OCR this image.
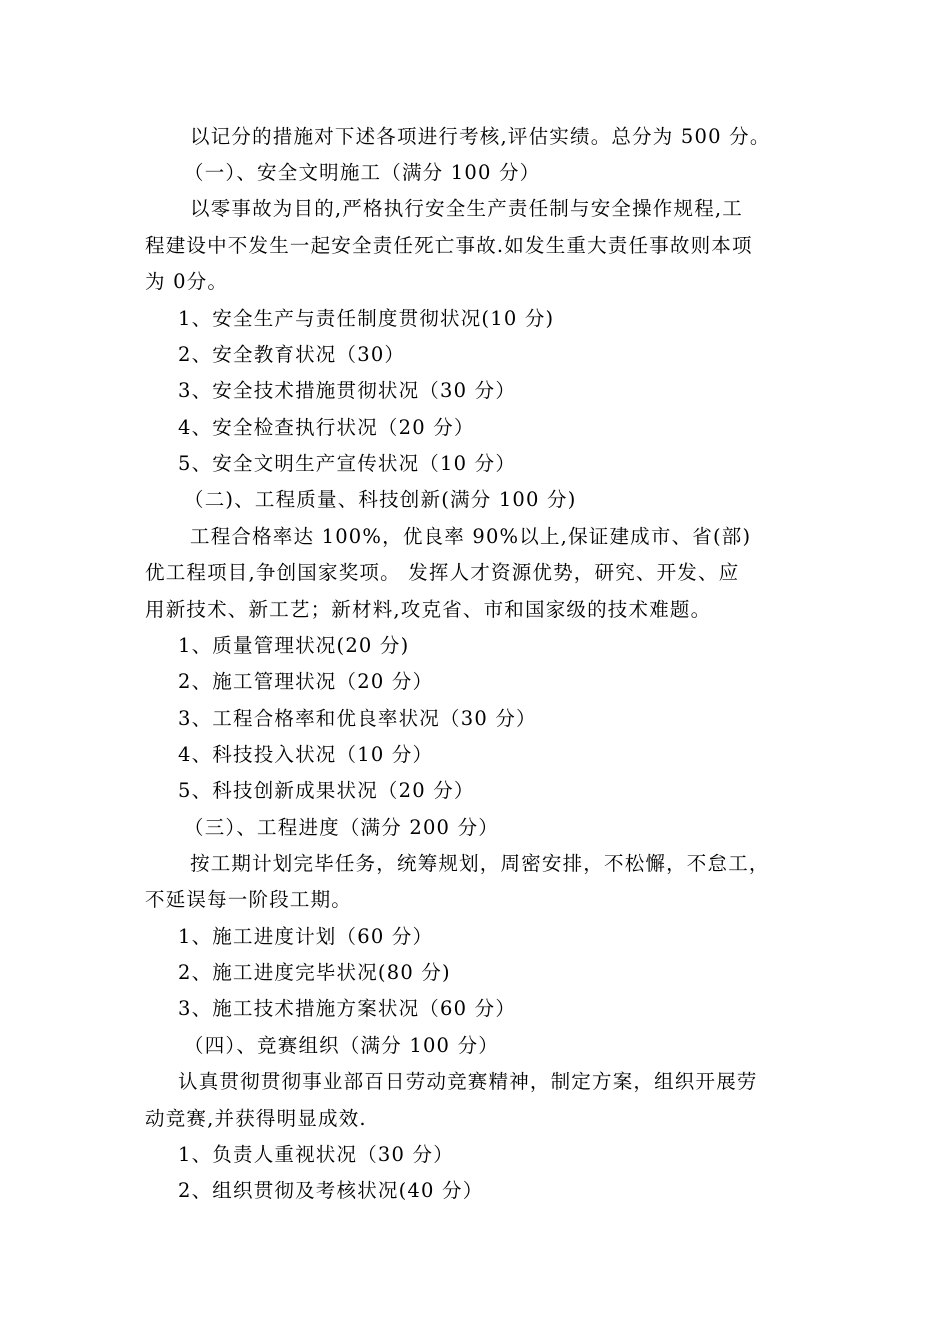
以记分的措施对下述各项进行考核,评估实绩。总分为 500 分。
（一）、安全文明施工（满分 100 分）
以零事故为目的,严格执行安全生产责任制与安全操作规程,工
程建设中不发生一起安全责任死亡事故.如发生重大责任事故则本项
为 0分。
1、安全生产与责任制度贯彻状况(10 分)
2、安全教育状况（30）
3、安全技术措施贯彻状况（30 分）
4、安全检查执行状况（20 分）
5、安全文明生产宣传状况（10 分）
（二)、工程质量、科技创新(满分 100 分)
工程合格率达 100%，优良率 90%以上,保证建成市、省(部)
优工程项目,争创国家奖项。 发挥人才资源优势，研究、开发、应
用新技术、新工艺；新材料,攻克省、市和国家级的技术难题。
1、质量管理状况(20 分)
2、施工管理状况（20 分）
3、工程合格率和优良率状况（30 分）
4、科技投入状况（10 分）
5、科技创新成果状况（20 分）
（三）、工程进度（满分 200 分）
按工期计划完毕任务，统筹规划，周密安排，不松懈，不怠工，
不延误每一阶段工期。
1、施工进度计划（60 分）
2、施工进度完毕状况(80 分)
3、施工技术措施方案状况（60 分）
（四）、竞赛组织（满分 100 分）
认真贯彻贯彻事业部百日劳动竞赛精神，制定方案，组织开展劳
动竞赛,并获得明显成效.
1、负责人重视状况（30 分）
2、组织贯彻及考核状况(40 分）
